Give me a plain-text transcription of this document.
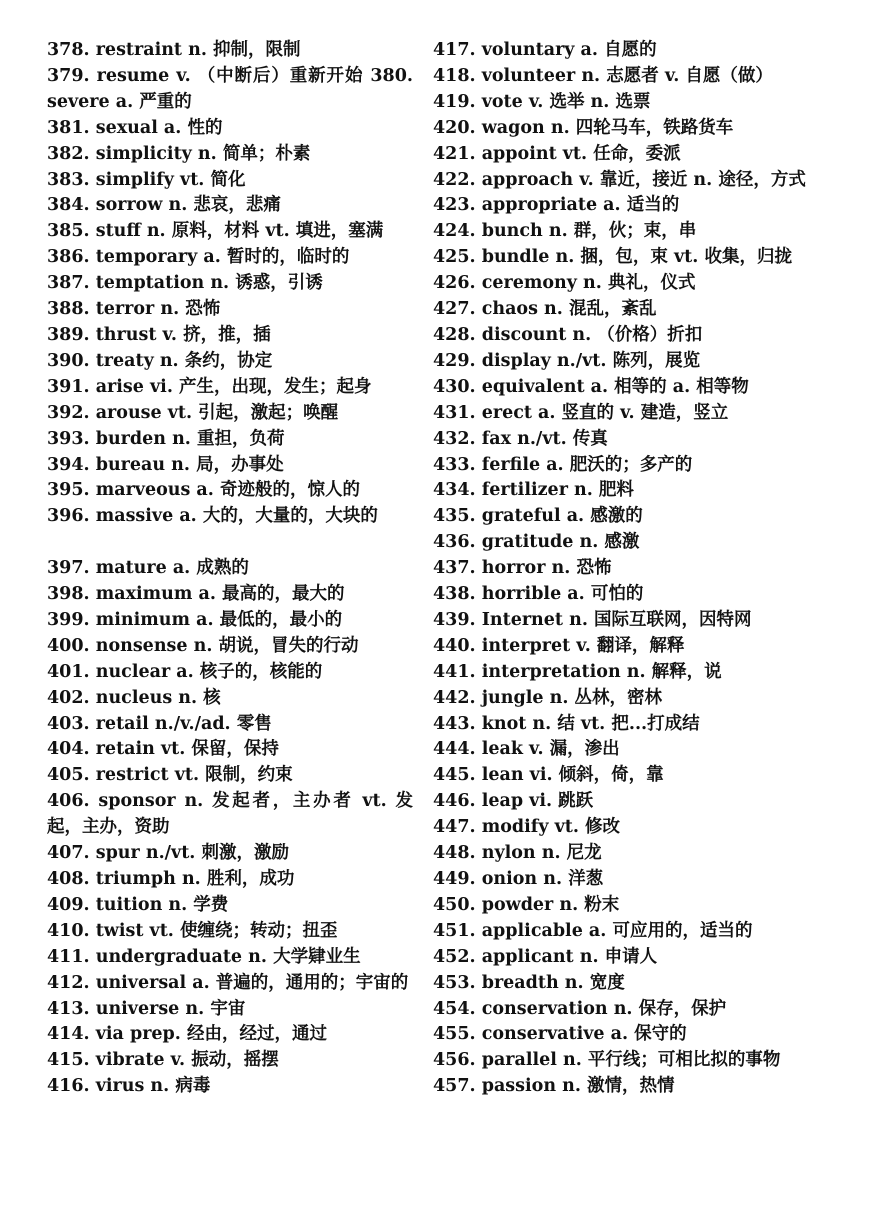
378. restraint n. 抑制，限制
379. resume v. （中断后）重新开始 380. severe a. 严重的
381. sexual a. 性的
382. simplicity n. 简单；朴素
383. simplify vt. 简化
384. sorrow n. 悲哀，悲痛
385. stuff n. 原料，材料 vt. 填进，塞满
386. temporary a. 暂时的，临时的
387. temptation n. 诱惑，引诱
388. terror n. 恐怖
389. thrust v. 挤，推，插
390. treaty n. 条约，协定
391. arise vi. 产生，出现，发生；起身
392. arouse vt. 引起，激起；唤醒
393. burden n. 重担，负荷
394. bureau n. 局，办事处
395. marveous a. 奇迹般的，惊人的
396. massive a. 大的，大量的，大块的
397. mature a. 成熟的
398. maximum a. 最高的，最大的
399. minimum a. 最低的，最小的
400. nonsense n. 胡说，冒失的行动
401. nuclear a. 核子的，核能的
402. nucleus n. 核
403. retail n./v./ad. 零售
404. retain vt. 保留，保持
405. restrict vt. 限制，约束
406. sponsor n. 发起者，主办者 vt. 发起，主办，资助
407. spur n./vt. 刺激，激励
408. triumph n. 胜利，成功
409. tuition n. 学费
410. twist vt. 使缠绕；转动；扭歪
411. undergraduate n. 大学肄业生
412. universal a. 普遍的，通用的；宇宙的
413. universe n. 宇宙
414. via prep. 经由，经过，通过
415. vibrate v. 振动，摇摆
416. virus n. 病毒
417. voluntary a. 自愿的
418. volunteer n. 志愿者 v. 自愿（做）
419. vote v. 选举 n. 选票
420. wagon n. 四轮马车，铁路货车
421. appoint vt. 任命，委派
422. approach v. 靠近，接近 n. 途径，方式
423. appropriate a. 适当的
424. bunch n. 群，伙；束，串
425. bundle n. 捆，包，束 vt. 收集，归拢
426. ceremony n. 典礼，仪式
427. chaos n. 混乱，紊乱
428. discount n. （价格）折扣
429. display n./vt. 陈列，展览
430. equivalent a. 相等的 a. 相等物
431. erect a. 竖直的 v. 建造，竖立
432. fax n./vt. 传真
433. ferfile a. 肥沃的；多产的
434. fertilizer n. 肥料
435. grateful a. 感激的
436. gratitude n. 感激
437. horror n. 恐怖
438. horrible a. 可怕的
439. Internet n. 国际互联网，因特网
440. interpret v. 翻译，解释
441. interpretation n. 解释，说
442. jungle n. 丛林，密林
443. knot n. 结 vt. 把...打成结
444. leak v. 漏，渗出
445. lean vi. 倾斜，倚，靠
446. leap vi. 跳跃
447. modify vt. 修改
448. nylon n. 尼龙
449. onion n. 洋葱
450. powder n. 粉末
451. applicable a. 可应用的，适当的
452. applicant n. 申请人
453. breadth n. 宽度
454. conservation n. 保存，保护
455. conservative a. 保守的
456. parallel n. 平行线；可相比拟的事物
457. passion n. 激情，热情
